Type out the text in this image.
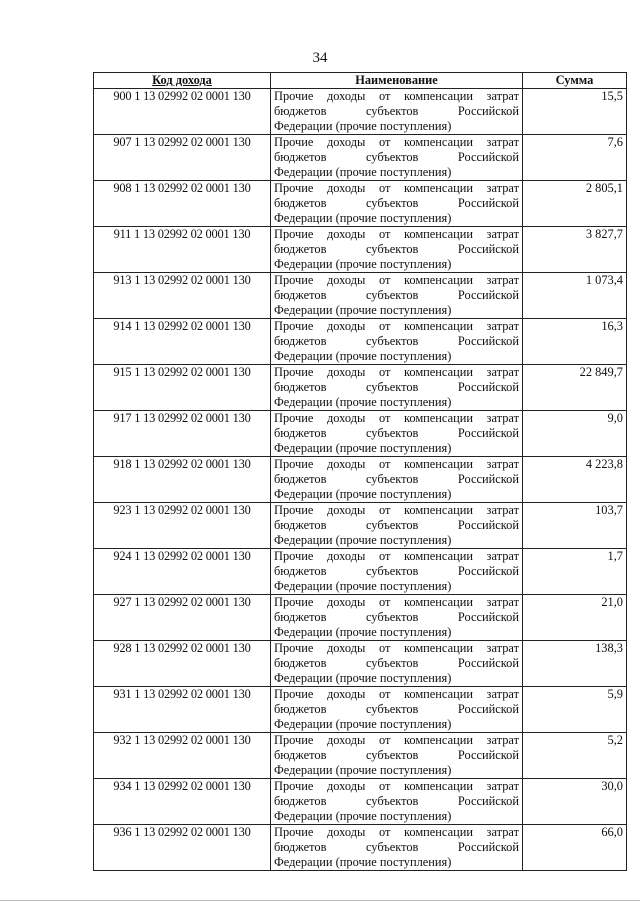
34
Код дохода	Наименование	Сумма
900 1 13 02992 02 0001 130	Прочие доходы от компенсации затрат
бюджетов субъектов Российской
Федерации (прочие поступления)	15,5
907 1 13 02992 02 0001 130	Прочие доходы от компенсации затрат
бюджетов субъектов Российской
Федерации (прочие поступления)	7,6
908 1 13 02992 02 0001 130	Прочие доходы от компенсации затрат
бюджетов субъектов Российской
Федерации (прочие поступления)	2 805,1
911 1 13 02992 02 0001 130	Прочие доходы от компенсации затрат
бюджетов субъектов Российской
Федерации (прочие поступления)	3 827,7
913 1 13 02992 02 0001 130	Прочие доходы от компенсации затрат
бюджетов субъектов Российской
Федерации (прочие поступления)	1 073,4
914 1 13 02992 02 0001 130	Прочие доходы от компенсации затрат
бюджетов субъектов Российской
Федерации (прочие поступления)	16,3
915 1 13 02992 02 0001 130	Прочие доходы от компенсации затрат
бюджетов субъектов Российской
Федерации (прочие поступления)	22 849,7
917 1 13 02992 02 0001 130	Прочие доходы от компенсации затрат
бюджетов субъектов Российской
Федерации (прочие поступления)	9,0
918 1 13 02992 02 0001 130	Прочие доходы от компенсации затрат
бюджетов субъектов Российской
Федерации (прочие поступления)	4 223,8
923 1 13 02992 02 0001 130	Прочие доходы от компенсации затрат
бюджетов субъектов Российской
Федерации (прочие поступления)	103,7
924 1 13 02992 02 0001 130	Прочие доходы от компенсации затрат
бюджетов субъектов Российской
Федерации (прочие поступления)	1,7
927 1 13 02992 02 0001 130	Прочие доходы от компенсации затрат
бюджетов субъектов Российской
Федерации (прочие поступления)	21,0
928 1 13 02992 02 0001 130	Прочие доходы от компенсации затрат
бюджетов субъектов Российской
Федерации (прочие поступления)	138,3
931 1 13 02992 02 0001 130	Прочие доходы от компенсации затрат
бюджетов субъектов Российской
Федерации (прочие поступления)	5,9
932 1 13 02992 02 0001 130	Прочие доходы от компенсации затрат
бюджетов субъектов Российской
Федерации (прочие поступления)	5,2
934 1 13 02992 02 0001 130	Прочие доходы от компенсации затрат
бюджетов субъектов Российской
Федерации (прочие поступления)	30,0
936 1 13 02992 02 0001 130	Прочие доходы от компенсации затрат
бюджетов субъектов Российской
Федерации (прочие поступления)	66,0
